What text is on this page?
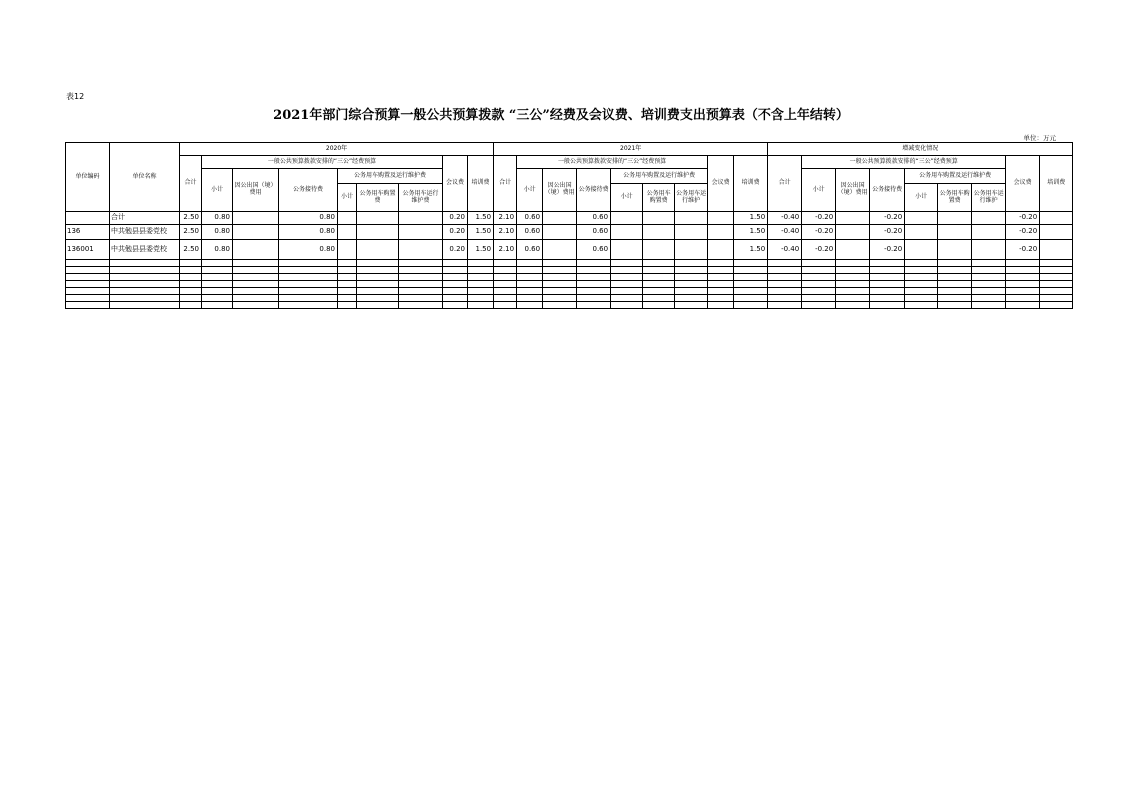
表12
2021年部门综合预算一般公共预算拨款 “三公”经费及会议费、培训费支出预算表（不含上年结转）
单位：万元
单位编码	单位名称	2020年									2021年									增减变化情况								
		合计	一般公共预算拨款安排的“三公”经费预算						会议费	培训费	合计	一般公共预算拨款安排的“三公”经费预算						会议费	培训费	合计	一般公共预算拨款安排的“三公”经费预算						会议费	培训费
			小计	因公出国（境）费用	公务接待费	公务用车购置及运行维护费						小计	因公出国（境）费用	公务接待费	公务用车购置及运行维护费						小计	因公出国（境）费用	公务接待费	公务用车购置及运行维护费				
						小计	公务用车购置费	公务用车运行维护费							小计	公务用车购置费	公务用车运行维护							小计	公务用车购置费	公务用车运行维护		
	合计	2.50	0.80		0.80				0.20	1.50	2.10	0.60		0.60					1.50	-0.40	-0.20		-0.20				-0.20	
136	中共勉县县委党校	2.50	0.80		0.80				0.20	1.50	2.10	0.60		0.60					1.50	-0.40	-0.20		-0.20				-0.20	
136001	中共勉县县委党校	2.50	0.80		0.80				0.20	1.50	2.10	0.60		0.60					1.50	-0.40	-0.20		-0.20				-0.20	
